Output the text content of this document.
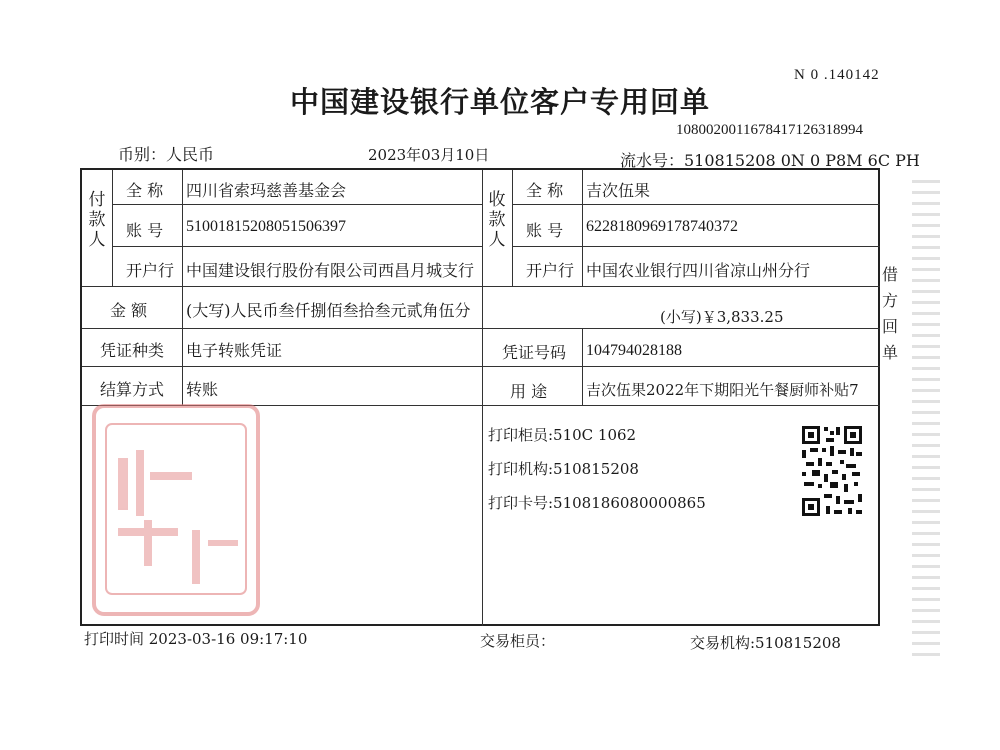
N 0 .140142
中国建设银行单位客户专用回单
1080020011678417126318994
币别：人民币	2023年03月10日	流水号：510815208 0N 0 P8M 6C PH
付款人
全 称 四川省索玛慈善基金会
账 号 51001815208051506397
开户行 中国建设银行股份有限公司西昌月城支行
收款人
全 称 吉次伍果
账 号 6228180969178740372
开户行 中国农业银行四川省凉山州分行
金 额 (大写)人民币叁仟捌佰叁拾叁元贰角伍分	(小写)￥3,833.25
凭证种类 电子转账凭证	凭证号码 104794028188
结算方式 转账	用 途	吉次伍果2022年下期阳光午餐厨师补贴7
打印柜员:510C 1062
打印机构:510815208
打印卡号:5108186080000865
打印时间 2023-03-16 09:17:10	交易柜员：	交易机构:510815208
借方回单
